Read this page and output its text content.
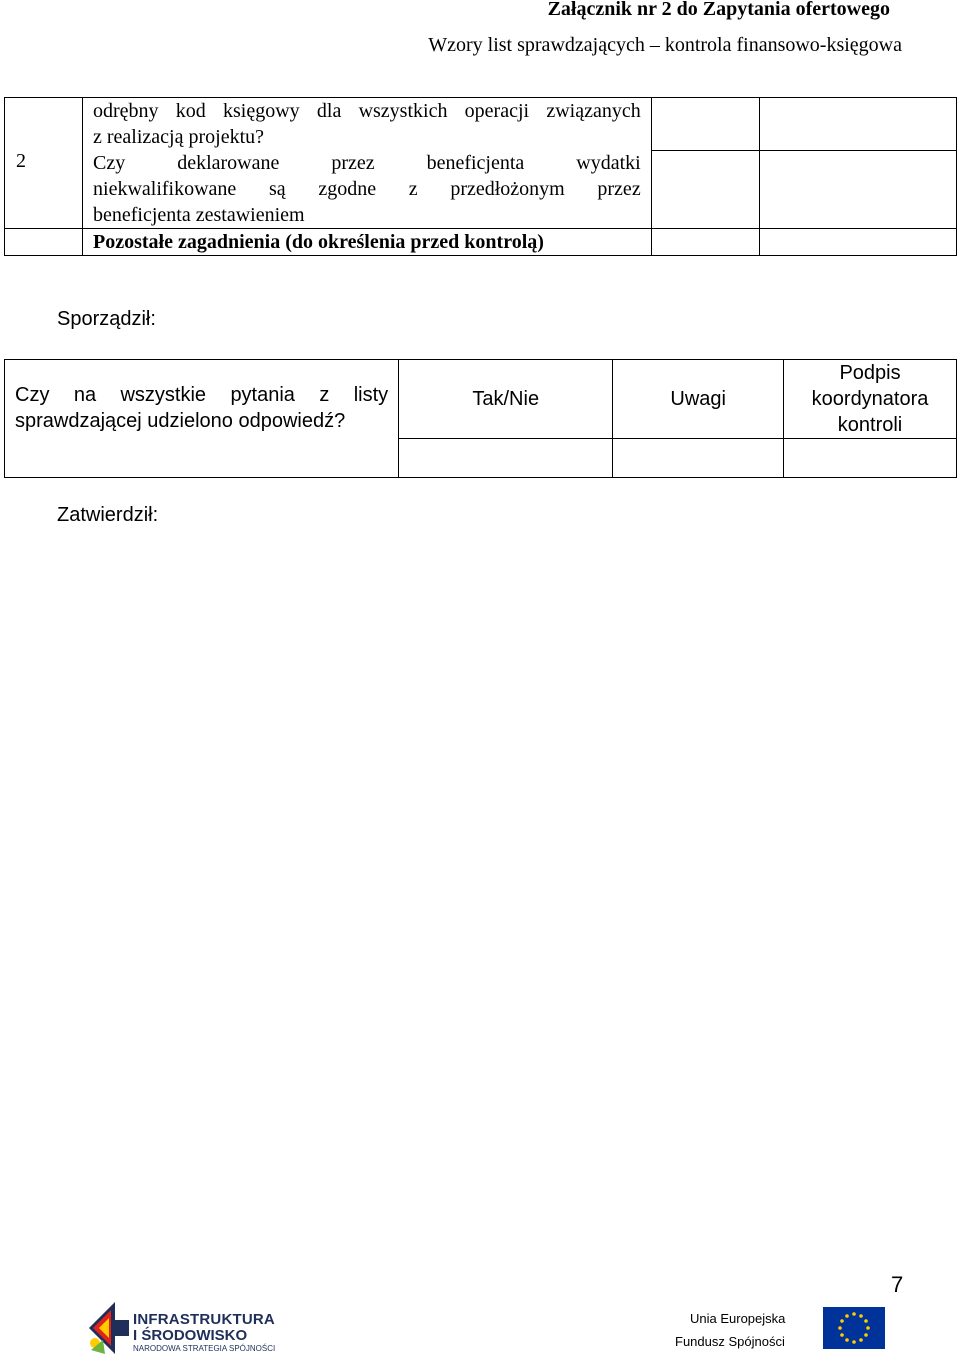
Załącznik nr 2 do Zapytania ofertowego
Wzory list sprawdzających – kontrola finansowo-księgowa

	odrębny kod księgowy dla wszystkich operacji związanych
z realizacją projektu?		

2	Czy deklarowane przez beneficjenta wydatki
niekwalifikowane są zgodne z przedłożonym przez
beneficjenta zestawieniem		

	Pozostałe zagadnienia (do określenia przed kontrolą)		
Sporządził:
Czy na wszystkie pytania z listy
sprawdzającej udzielono odpowiedź?	Tak/Nie	Uwagi	Podpis
koordynatora
kontroli

Zatwierdził:
7
INFRASTRUKTURA
I ŚRODOWISKO
NARODOWA STRATEGIA SPÓJNOŚCI
Unia Europejska
Fundusz Spójności
